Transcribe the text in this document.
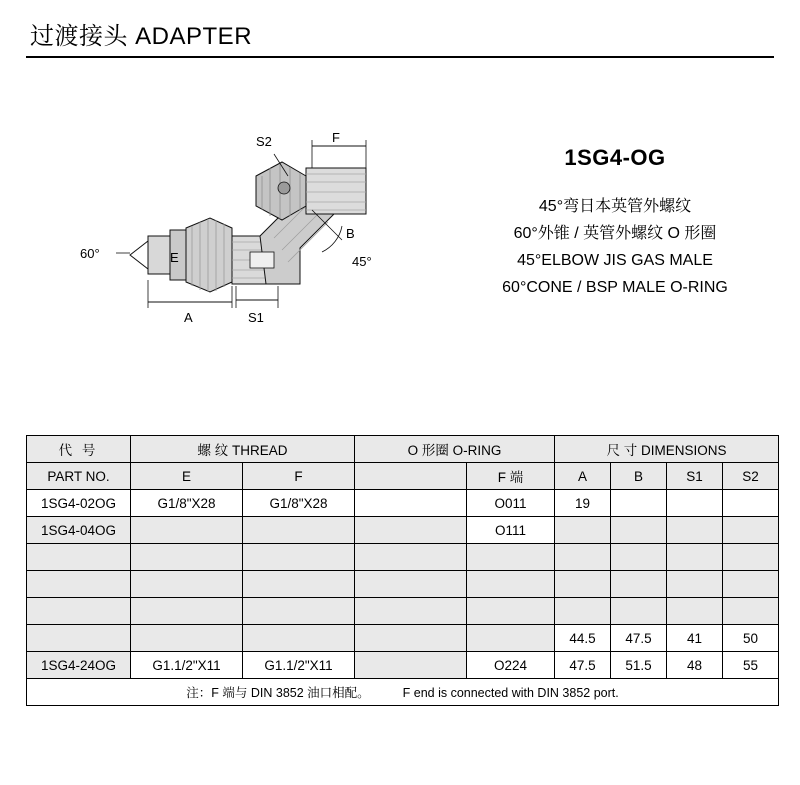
过渡接头 ADAPTER
S2	F
E
B
A	S1
60°
45°
1SG4-OG
45°弯日本英管外螺纹
60°外锥 / 英管外螺纹 O 形圈
45°ELBOW JIS GAS MALE
60°CONE / BSP MALE O-RING
代 号	螺 纹 THREAD		O 形圈 O-RING		尺 寸 DIMENSIONS			
PART NO.	E	F		F 端	A	B	S1	S2
1SG4-02OG	G1/8"X28	G1/8"X28		O011	19			
1SG4-04OG				O111				

					44.5	47.5	41	50
1SG4-24OG	G1.1/2"X11	G1.1/2"X11		O224	47.5	51.5	48	55
注：F 端与 DIN 3852 油口相配。 F end is connected with DIN 3852 port.								
